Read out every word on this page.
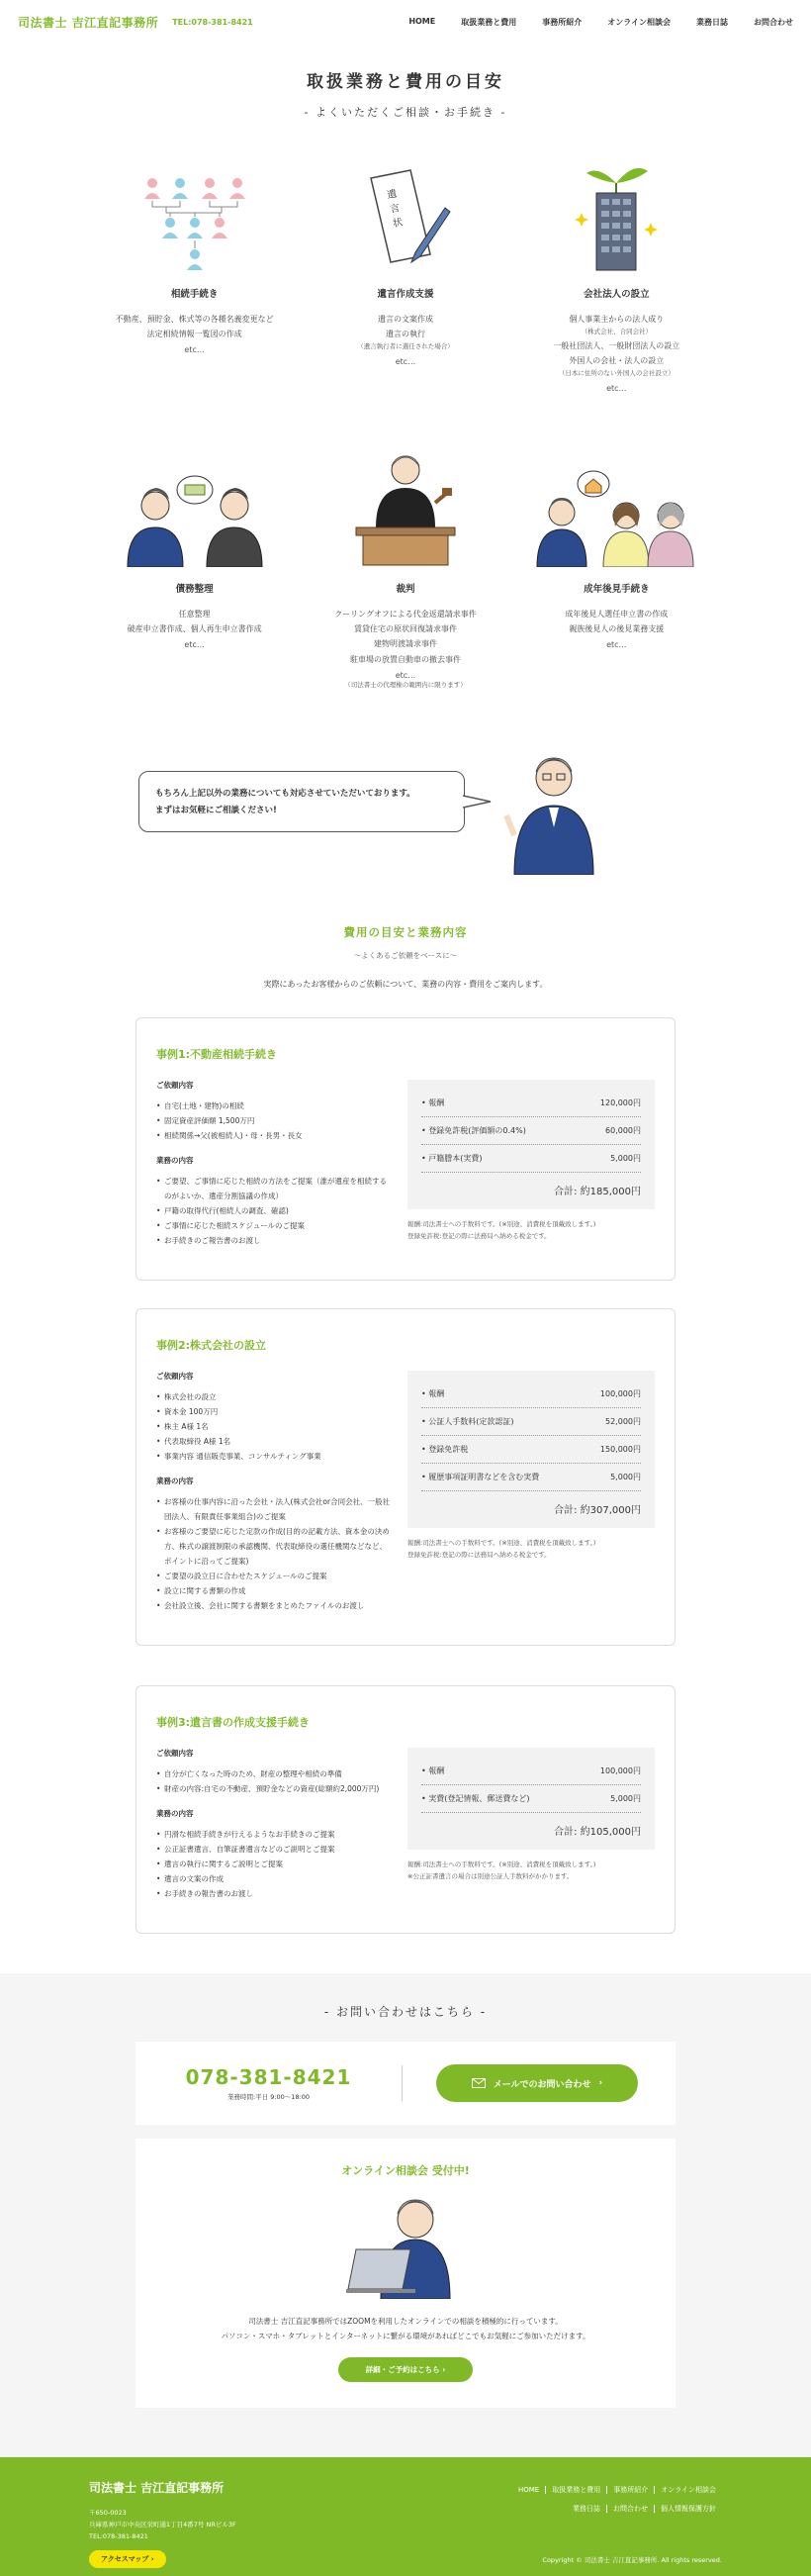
司法書士 吉江直記事務所 TEL:078-381-8421	HOME	取扱業務と費用	事務所紹介	オンライン相談会	業務日誌	お問合わせ
取扱業務と費用の目安
- よくいただくご相談・お手続き -
相続手続き

不動産、預貯金、株式等の各種名義変更など

法定相続情報一覧図の作成

etc…
遺
言
状
遺言作成支援

遺言の文案作成

遺言の執行

（遺言執行者に選任された場合）
etc…
会社法人の設立

個人事業主からの法人成り

（株式会社、合同会社）

一般社団法人、一般財団法人の設立

外国人の会社・法人の設立

（日本に住所のない外国人の会社設立）
etc…
債務整理

任意整理

破産申立書作成、個人再生申立書作成

etc…
裁判

クーリングオフによる代金返還請求事件

賃貸住宅の原状回復請求事件

建物明渡請求事件

駐車場の放置自動車の撤去事件

etc…
（司法書士の代理権の範囲内に限ります）
成年後見手続き

成年後見人選任申立書の作成

親族後見人の後見業務支援

etc…
もちろん上記以外の業務についても対応させていただいております。
まずはお気軽にご相談ください!
費用の目安と業務内容
〜よくあるご依頼をベースに〜
実際にあったお客様からのご依頼について、業務の内容・費用をご案内します。
事例1:不動産相続手続き
ご依頼内容
• 自宅(土地・建物)の相続
• 固定資産評価額 1,500万円
• 相続関係→父(被相続人)・母・長男・長女
業務の内容
• ご要望、ご事情に応じた相続の方法をご提案（誰が遺産を相続するのがよいか、遺産分割協議の作成）
• 戸籍の取得代行(相続人の調査、確認)
• ご事情に応じた相続スケジュールのご提案
• お手続きのご報告書のお渡し
• 報酬	120,000円
• 登録免許税(評価額の0.4%)	60,000円
• 戸籍謄本(実費)	5,000円
合計: 約185,000円
報酬:司法書士への手数料です。(※別途、消費税を頂戴致します。)
登録免許税:登記の際に法務局へ納める税金です。
事例2:株式会社の設立
ご依頼内容
• 株式会社の設立
• 資本金 100万円
• 株主 A様 1名
• 代表取締役 A様 1名
• 事業内容 通信販売事業、コンサルティング事業
業務の内容
• お客様の仕事内容に沿った会社・法人(株式会社or合同会社、一般社団法人、有限責任事業組合)のご提案
• お客様のご要望に応じた定款の作成(目的の記載方法、資本金の決め方、株式の譲渡制限の承認機関、代表取締役の選任機関などなど、ポイントに沿ってご提案)
• ご要望の設立日に合わせたスケジュールのご提案
• 設立に関する書類の作成
• 会社設立後、会社に関する書類をまとめたファイルのお渡し
• 報酬	100,000円
• 公証人手数料(定款認証)	52,000円
• 登録免許税	150,000円
• 履歴事項証明書などを含む実費	5,000円
合計: 約307,000円
報酬:司法書士への手数料です。(※別途、消費税を頂戴致します。)
登録免許税:登記の際に法務局へ納める税金です。
事例3:遺言書の作成支援手続き
ご依頼内容
• 自分が亡くなった時のため、財産の整理や相続の準備
• 財産の内容:自宅の不動産、預貯金などの資産(総額約2,000万円)
業務の内容
• 円滑な相続手続きが行えるようなお手続きのご提案
• 公正証書遺言、自筆証書遺言などのご説明とご提案
• 遺言の執行に関するご説明とご提案
• 遺言の文案の作成
• お手続きの報告書のお渡し
• 報酬	100,000円
• 実費(登記情報、郵送費など)	5,000円
合計: 約105,000円
報酬:司法書士への手数料です。(※別途、消費税を頂戴致します。)
※公正証書遺言の場合は別途公証人手数料がかかります。
- お問い合わせはこちら -
078-381-8421
業務時間:平日 9:00〜18:00
メールでのお問い合わせ ›
オンライン相談会 受付中!

司法書士 吉江直記事務所ではZOOMを利用したオンラインでの相談を積極的に行っています。
パソコン・スマホ・タブレットとインターネットに繋がる環境があればどこでもお気軽にご参加いただけます。

詳細・ご予約はこちら ›
司法書士 吉江直記事務所
〒650-0023
兵庫県神戸市中央区栄町通1丁目4番7号 NRビル3F
TEL:078-381-8421
アクセスマップ ›
HOME 取扱業務と費用 事務所紹介 オンライン相談会
業務日誌 お問合わせ 個人情報保護方針
Copyright © 司法書士 吉江直記事務所. All rights reserved.
